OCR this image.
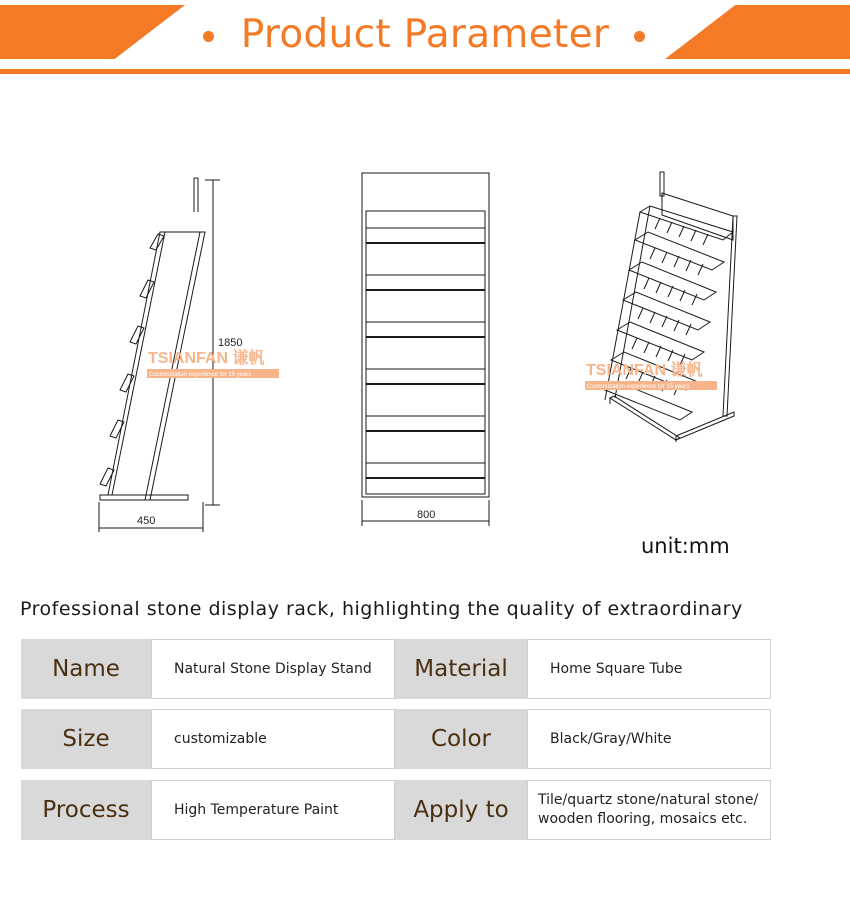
Product Parameter
1850
450	800
TSIANFAN 谦帆
Customization experience for 15 years	TSIANFAN 谦帆
Customization experience for 15 years
unit:mm
Professional stone display rack, highlighting the quality of extraordinary
Name	Natural Stone Display Stand	Material	Home Square Tube
Size	customizable	Color	Black/Gray/White
Process	High Temperature Paint	Apply to	Tile/quartz stone/natural stone/ wooden flooring, mosaics etc.
